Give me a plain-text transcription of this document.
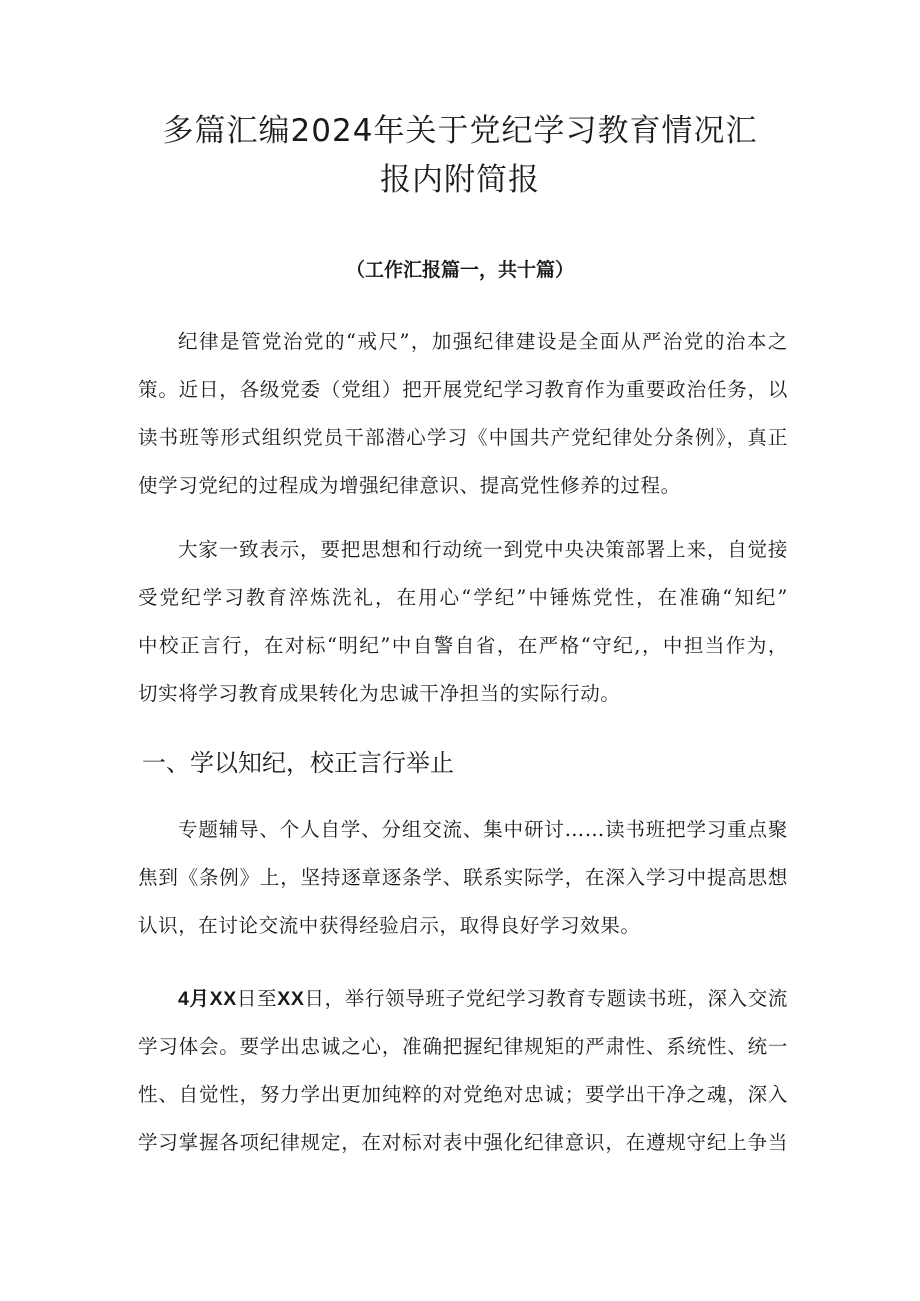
多篇汇编2024年关于党纪学习教育情况汇
报内附简报
（工作汇报篇一，共十篇）
纪律是管党治党的“戒尺”，加强纪律建设是全面从严治党的治本之
策。近日，各级党委（党组）把开展党纪学习教育作为重要政治任务，以
读书班等形式组织党员干部潜心学习《中国共产党纪律处分条例》，真正
使学习党纪的过程成为增强纪律意识、提高党性修养的过程。
大家一致表示，要把思想和行动统一到党中央决策部署上来，自觉接
受党纪学习教育淬炼洗礼，在用心“学纪”中锤炼党性，在准确“知纪”
中校正言行，在对标“明纪”中自警自省，在严格“守纪,，中担当作为，
切实将学习教育成果转化为忠诚干净担当的实际行动。
一、学以知纪，校正言行举止
专题辅导、个人自学、分组交流、集中研讨……读书班把学习重点聚
焦到《条例》上，坚持逐章逐条学、联系实际学，在深入学习中提高思想
认识，在讨论交流中获得经验启示，取得良好学习效果。
4月XX日至XX日，举行领导班子党纪学习教育专题读书班，深入交流
学习体会。要学出忠诚之心，准确把握纪律规矩的严肃性、系统性、统一
性、自觉性，努力学出更加纯粹的对党绝对忠诚；要学出干净之魂，深入
学习掌握各项纪律规定，在对标对表中强化纪律意识，在遵规守纪上争当
